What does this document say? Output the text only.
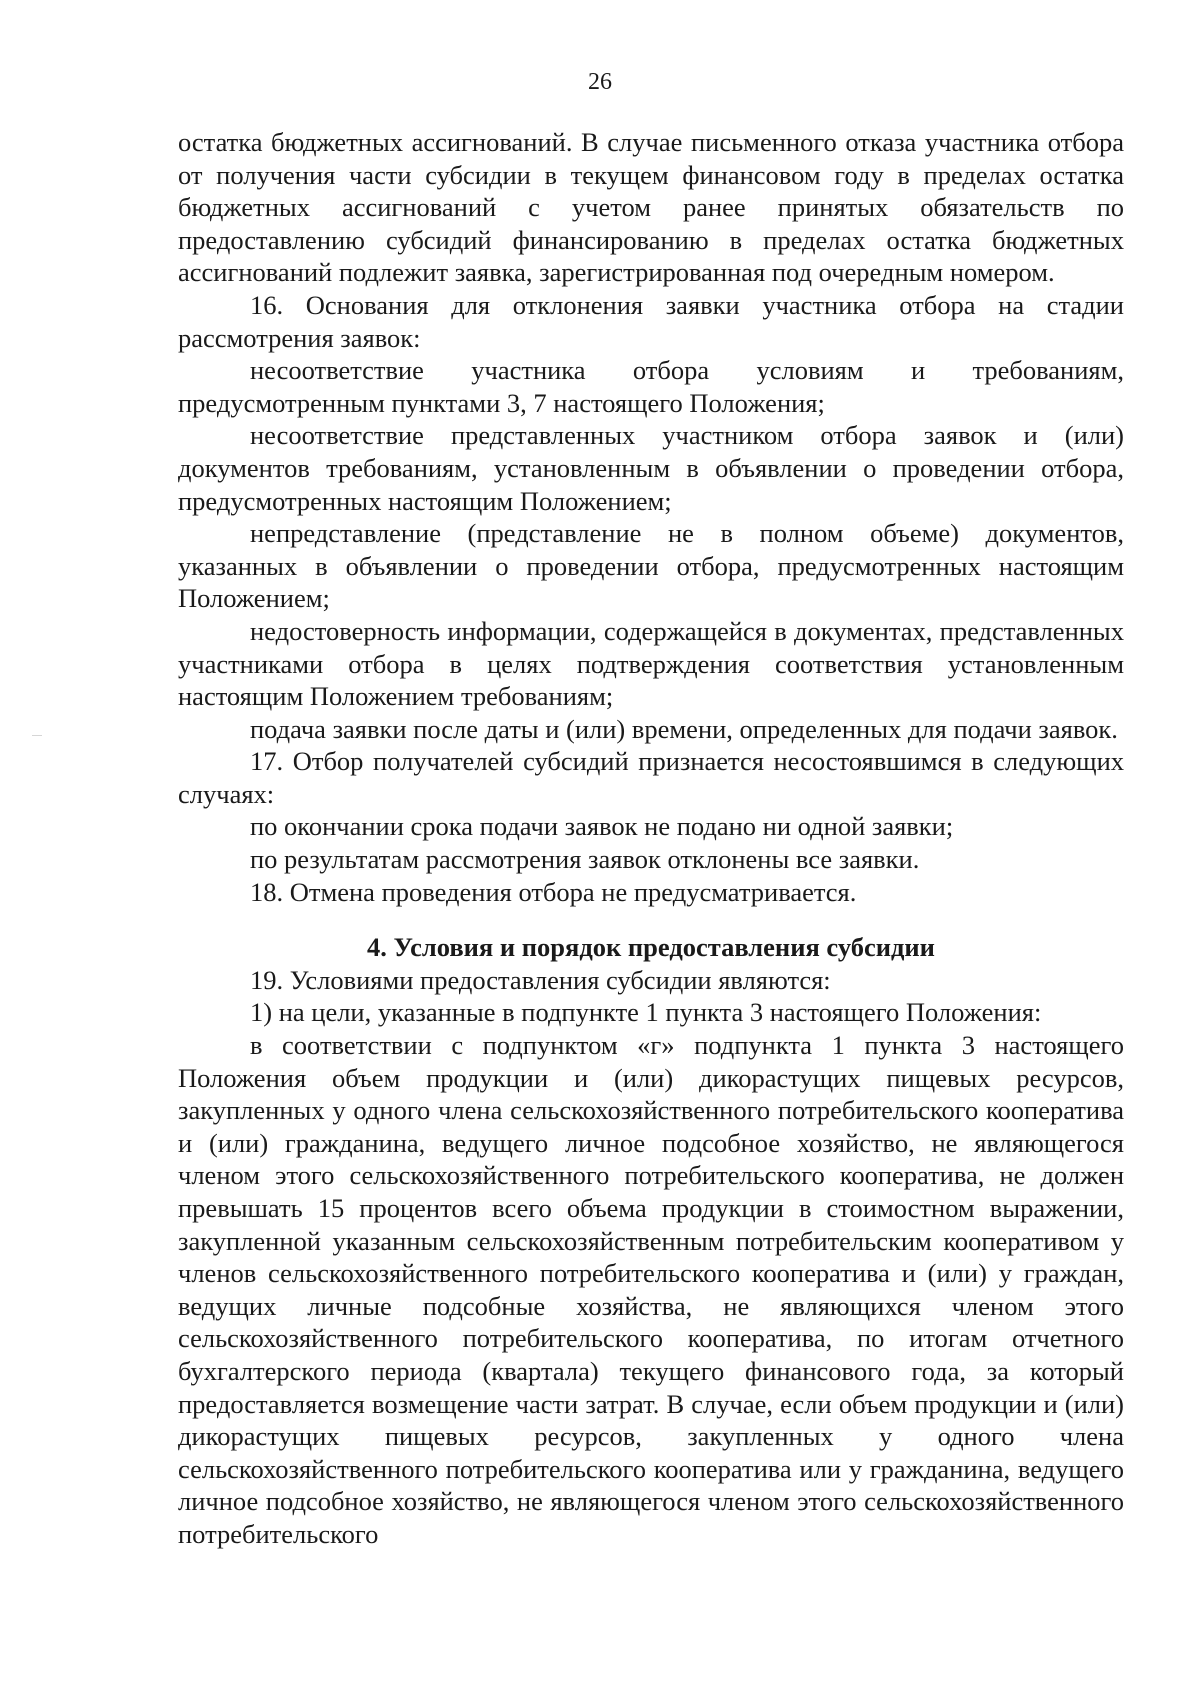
26

остатка бюджетных ассигнований. В случае письменного отказа участника отбора от получения части субсидии в текущем финансовом году в пределах остатка бюджетных ассигнований с учетом ранее принятых обязательств по предоставлению субсидий финансированию в пределах остатка бюджетных ассигнований подлежит заявка, зарегистрированная под очередным номером.

16. Основания для отклонения заявки участника отбора на стадии рассмотрения заявок:

несоответствие участника отбора условиям и требованиям, предусмотренным пунктами 3, 7 настоящего Положения;

несоответствие представленных участником отбора заявок и (или) документов требованиям, установленным в объявлении о проведении отбора, предусмотренных настоящим Положением;

непредставление (представление не в полном объеме) документов, указанных в объявлении о проведении отбора, предусмотренных настоящим Положением;

недостоверность информации, содержащейся в документах, представленных участниками отбора в целях подтверждения соответствия установленным настоящим Положением требованиям;

подача заявки после даты и (или) времени, определенных для подачи заявок.

17. Отбор получателей субсидий признается несостоявшимся в следующих случаях:

по окончании срока подачи заявок не подано ни одной заявки;

по результатам рассмотрения заявок отклонены все заявки.

18. Отмена проведения отбора не предусматривается.

4. Условия и порядок предоставления субсидии

19. Условиями предоставления субсидии являются:

1) на цели, указанные в подпункте 1 пункта 3 настоящего Положения:

в соответствии с подпунктом «г» подпункта 1 пункта 3 настоящего Положения объем продукции и (или) дикорастущих пищевых ресурсов, закупленных у одного члена сельскохозяйственного потребительского кооператива и (или) гражданина, ведущего личное подсобное хозяйство, не являющегося членом этого сельскохозяйственного потребительского кооператива, не должен превышать 15 процентов всего объема продукции в стоимостном выражении, закупленной указанным сельскохозяйственным потребительским кооперативом у членов сельскохозяйственного потребительского кооператива и (или) у граждан, ведущих личные подсобные хозяйства, не являющихся членом этого сельскохозяйственного потребительского кооператива, по итогам отчетного бухгалтерского периода (квартала) текущего финансового года, за который предоставляется возмещение части затрат. В случае, если объем продукции и (или) дикорастущих пищевых ресурсов, закупленных у одного члена сельскохозяйственного потребительского кооператива или у гражданина, ведущего личное подсобное хозяйство, не являющегося членом этого сельскохозяйственного потребительского
